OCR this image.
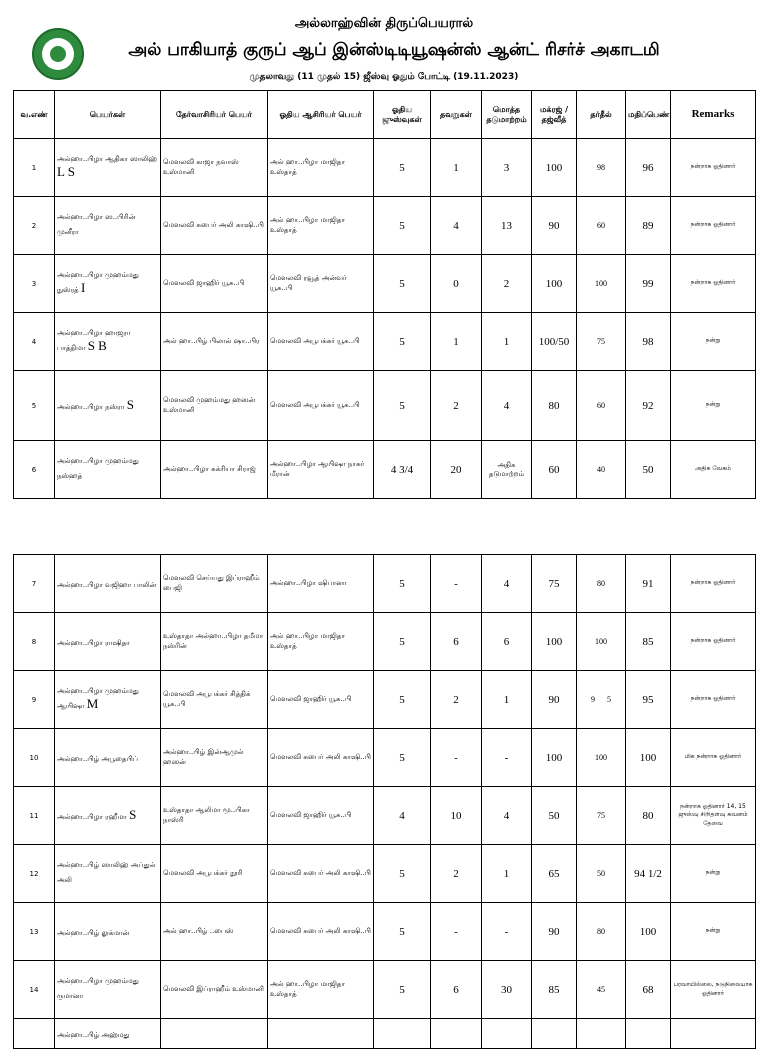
அல்லாஹ்வின் திருப்பெயரால்
அல் பாகியாத் குருப் ஆப் இன்ஸ்டிடியூஷன்ஸ் ஆன்ட் ரிசர்ச் அகாடமி
முதலாவது (11 முதல் 15) ஜீஸ்வு ஓதும் போட்டி (19.11.2023)
வ.எண்	பெயர்கள்	தேர்வாசிரியர் பெயர்	ஓதிய ஆசிரியர் பெயர்	ஓதிய ஜுஸ்வுகள்	தவறுகள்	மொத்த தடுமாற்றம்	மக்ரஜ் / தஜ்வீத்	தர்தீல்	மதிப்பெண்	Remarks
1	அல்ஹா..பிழா ஆதிகா ஸாலிஹ் L S	மௌலவி காஜா நவாஸ் உஸ்மானி	அல் ஹா..பிழா மாஜிதா உஸ்தாத்	5	1	3	100	98	96	நன்றாக ஓதினார்
2	அல்ஹா..பிழா ஸ..பிரின் முனீரா	மௌலவி சுபைர் அலி காஷி..பி	அல் ஹா..பிழா மாஜிதா உஸ்தாத்	5	4	13	90	60	89	நன்றாக ஓதினார்
3	அல்ஹா..பிழா முஹம்மது நுஸ்ரத் I	மௌலவி ஜாஹிர் யூசு..பி	மௌலவி ரவூத் அன்வர் யூசு..பி	5	0	2	100	100	99	நன்றாக ஓதினார்
4	அல்ஹா..பிழா ஹாஜரா பாத்திமா S B	அல் ஹா..பிழ் பிலால் ஷா..பிர	மௌலவி அபூபக்கர் யூசு..பி	5	1	1	100/50	75	98	நன்று
5	அல்ஹா..பிழா நஸ்ரா S	மௌலவி முஹம்மது ஹஸன் உஸ்மானி	மௌலவி அபூபக்கர் யூசு..பி	5	2	4	80	60	92	நன்று
6	அல்ஹா..பிழா முஹம்மது நஸ்ஹத்	அல்ஹா..பிழா சுக்ரியா சிராஜ்	அல்ஹா..பிழா ஆயிஷா நாசுர் மீரான்	4 3/4	20	அதிக தடுமாற்றம்	60	40	50	அதிக வேகம்
7	அல்ஹா..பிழா வஜிஹா பாலின்	மௌலவி செய்யது இப்ராஹீம் பைஜி	அல்ஹா..பிழா ஷிபானா	5	-	4	75	80	91	நன்றாக ஓதினார்
8	அல்ஹா..பிழா ராஷிதா	உஸ்தாதா அல்ஹா..பிழா தமீமா நஸ்ரின்	அல் ஹா..பிழா மாஜிதா உஸ்தாத்	5	6	6	100	100	85	நன்றாக ஓதினார்
9	அல்ஹா..பிழா முஹம்மது ஆயிஷா M	மௌலவி அபூபக்கர் சித்திக் யூசு..பி	மௌலவி ஜாஹிர் யூசு..பி	5	2	1	90	9      5	95	நன்றாக ஓதினார்
10	அல்ஹா..பிழ் அபூதைபிப்	அல்ஹா..பிழ் இன்ஆமுல் ஹஸன்	மௌலவி சுபைர் அலி காஷி..பி	5	-	-	100	100	100	மிக நன்றாக ஓதினார்
11	அல்ஹா..பிழா ரஹீமா S	உஸ்தாதா ஆலிமா மூ..பிகா நாஸ்ரி	மௌலவி ஜாஹிர் யூசு..பி	4	10	4	50	75	80	நன்றாக ஓதினார் 14, 15 ஜுஸ்வு சிறிதளவு கவனம் தேவை
12	அல்ஹா..பிழ் ஸாலிஹ் அப்துல் அலி	மௌலவி அபூபக்கர் நூரி	மௌலவி சுபைர் அலி காஷி..பி	5	2	1	65	50	94 1/2	நன்று
13	அல்ஹா..பிழ் லுக்மான்	அல் ஹா..பிழ் ..பைஸ்	மௌலவி சுபைர் அலி காஷி..பி	5	-	-	90	80	100	நன்று
14	அல்ஹா..பிழா முஹம்மது ருமானா	மௌலவி இப்ராஹீம் உஸ்மானி	அல் ஹா..பிழா மாஜிதா உஸ்தாத்	5	6	30	85	45	68	பரவாயில்லை, நடுநிலையாக ஓதினார்
	அல்ஹா..பிழ் அஹ்மது									
